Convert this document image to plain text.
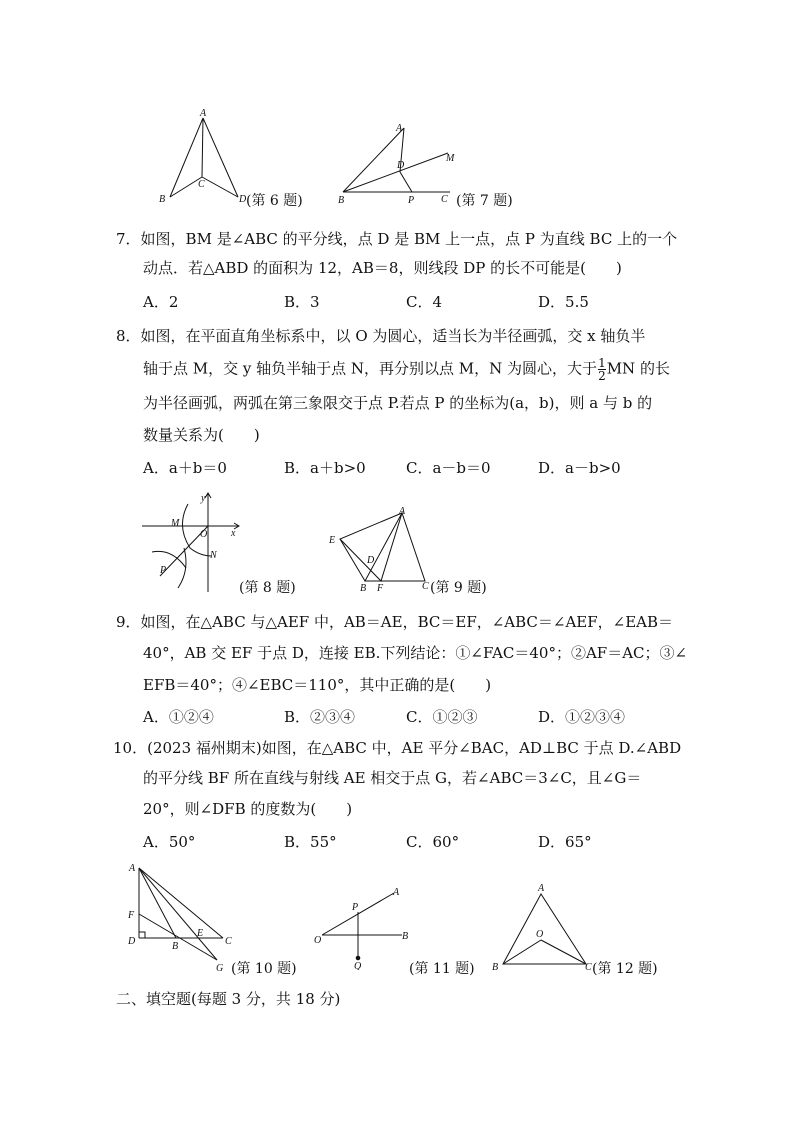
A
B
C
D (第 6 题)
A
D
M
B	P	C (第 7 题)
7．如图，BM 是∠ABC 的平分线，点 D 是 BM 上一点，点 P 为直线 BC 上的一个
动点．若△ABD 的面积为 12，AB＝8，则线段 DP 的长不可能是(　　)
A．2	B．3	C．4	D．5.5
8．如图，在平面直角坐标系中，以 O 为圆心，适当长为半径画弧，交 x 轴负半
轴于点 M，交 y 轴负半轴于点 N，再分别以点 M，N 为圆心，大于 $\frac{1}{2}$ MN 的长
为半径画弧，两弧在第三象限交于点 P.若点 P 的坐标为(a，b)，则 a 与 b 的
数量关系为(　　)
A．a＋b＝0	B．a＋b>0	C．a－b＝0	D．a－b>0
y
x
M
O
N
P
(第 8 题)
A
E
D
B F	C (第 9 题)
9．如图，在△ABC 与△AEF 中，AB＝AE，BC＝EF，∠ABC＝∠AEF，∠EAB＝
40°，AB 交 EF 于点 D，连接 EB.下列结论：①∠FAC＝40°；②AF＝AC；③∠
EFB＝40°；④∠EBC＝110°，其中正确的是(　　)
A．①②④	B．②③④	C．①②③	D．①②③④
10．(2023 福州期末)如图，在△ABC 中，AE 平分∠BAC，AD⊥BC 于点 D.∠ABD
的平分线 BF 所在直线与射线 AE 相交于点 G，若∠ABC＝3∠C，且∠G＝
20°，则∠DFB 的度数为(　　)
A．50°	B．55°	C．60°	D．65°
A
F
D	B
E
C
G (第 10 题)
P
A
O	B
Q	(第 11 题)
A
O
B	C (第 12 题)
二、填空题(每题 3 分，共 18 分)
